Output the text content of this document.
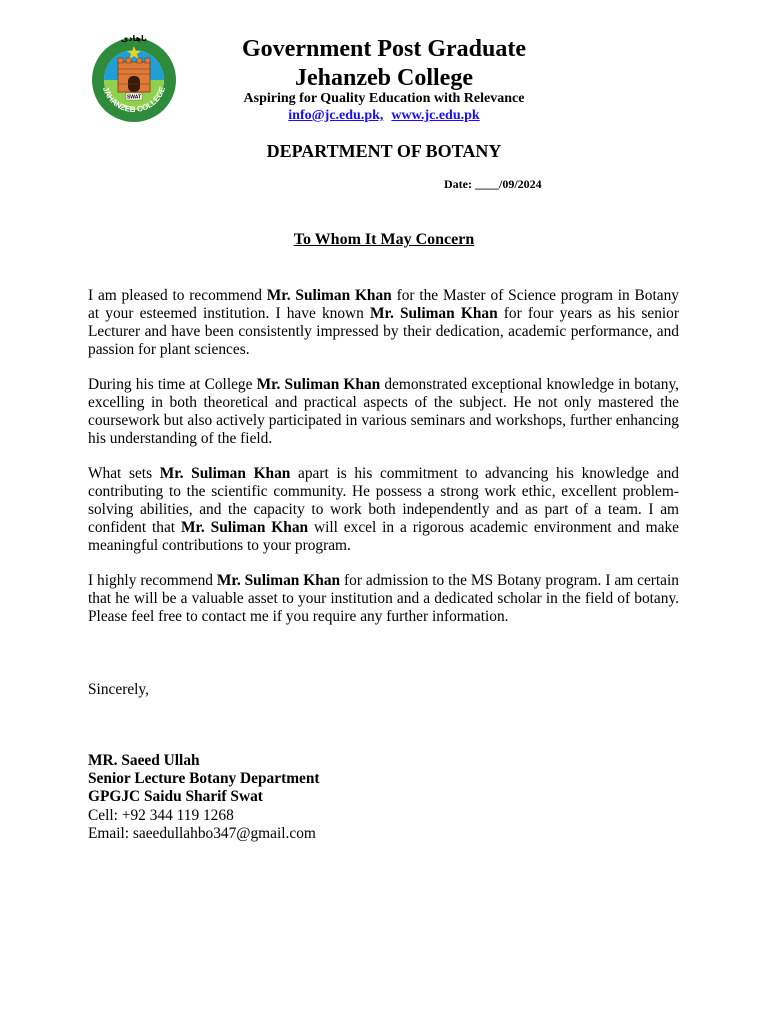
SWAT
JAHANZEB COLLEGE
باهادی	Government Post Graduate
Jehanzeb College
Aspiring for Quality Education with Relevance
info@jc.edu.pk, www.jc.edu.pk
DEPARTMENT OF BOTANY
Date: ____/09/2024
To Whom It May Concern

I am pleased to recommend Mr. Suliman Khan for the Master of Science program in Botany at your esteemed institution. I have known Mr. Suliman Khan for four years as his senior Lecturer and have been consistently impressed by their dedication, academic performance, and passion for plant sciences.

During his time at College Mr. Suliman Khan demonstrated exceptional knowledge in botany, excelling in both theoretical and practical aspects of the subject. He not only mastered the coursework but also actively participated in various seminars and workshops, further enhancing his understanding of the field.

What sets Mr. Suliman Khan apart is his commitment to advancing his knowledge and contributing to the scientific community. He possess a strong work ethic, excellent problem-solving abilities, and the capacity to work both independently and as part of a team. I am confident that Mr. Suliman Khan will excel in a rigorous academic environment and make meaningful contributions to your program.

I highly recommend Mr. Suliman Khan for admission to the MS Botany program. I am certain that he will be a valuable asset to your institution and a dedicated scholar in the field of botany. Please feel free to contact me if you require any further information.

Sincerely,
MR. Saeed Ullah
Senior Lecture Botany Department
GPGJC Saidu Sharif Swat
Cell: +92 344 119 1268
Email: saeedullahbo347@gmail.com
